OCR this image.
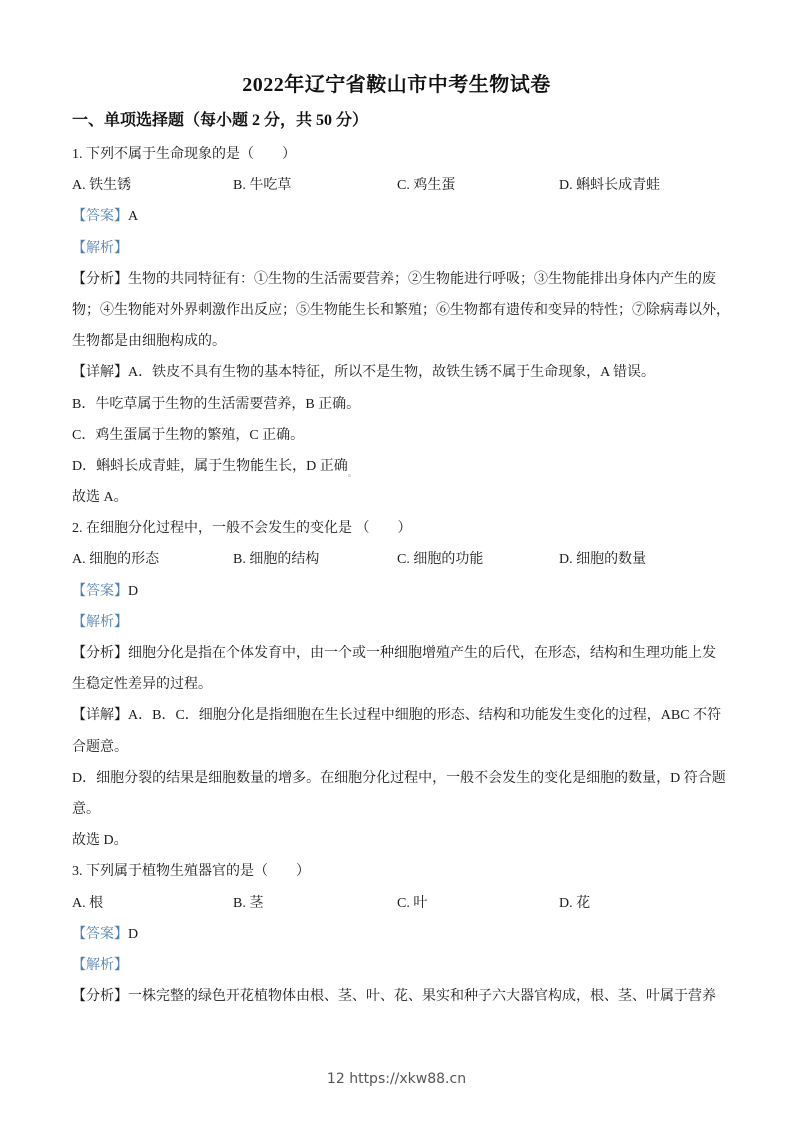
2022年辽宁省鞍山市中考生物试卷
一、单项选择题（每小题 2 分，共 50 分）
1. 下列不属于生命现象的是（　　）
A. 铁生锈	B. 牛吃草	C. 鸡生蛋	D. 蝌蚪长成青蛙
【答案】A
【解析】
【分析】生物的共同特征有：①生物的生活需要营养；②生物能进行呼吸；③生物能排出身体内产生的废
物；④生物能对外界刺激作出反应；⑤生物能生长和繁殖；⑥生物都有遗传和变异的特性；⑦除病毒以外，
生物都是由细胞构成的。
【详解】A．铁皮不具有生物的基本特征，所以不是生物，故铁生锈不属于生命现象，A 错误。
B．牛吃草属于生物的生活需要营养，B 正确。
C．鸡生蛋属于生物的繁殖，C 正确。
D．蝌蚪长成青蛙，属于生物能生长，D 正确$_。$
故选 A。
2. 在细胞分化过程中，一般不会发生的变化是 （　　）
A. 细胞的形态	B. 细胞的结构	C. 细胞的功能	D. 细胞的数量
【答案】D
【解析】
【分析】细胞分化是指在个体发育中，由一个或一种细胞增殖产生的后代，在形态，结构和生理功能上发
生稳定性差异的过程。
【详解】A．B．C．细胞分化是指细胞在生长过程中细胞的形态、结构和功能发生变化的过程，ABC 不符
合题意。
D．细胞分裂的结果是细胞数量的增多。在细胞分化过程中，一般不会发生的变化是细胞的数量，D 符合题
意。
故选 D。
3. 下列属于植物生殖器官的是（　　）
A. 根	B. 茎	C. 叶	D. 花
【答案】D
【解析】
【分析】一株完整的绿色开花植物体由根、茎、叶、花、果实和种子六大器官构成，根、茎、叶属于营养
12 https://xkw88.cn
